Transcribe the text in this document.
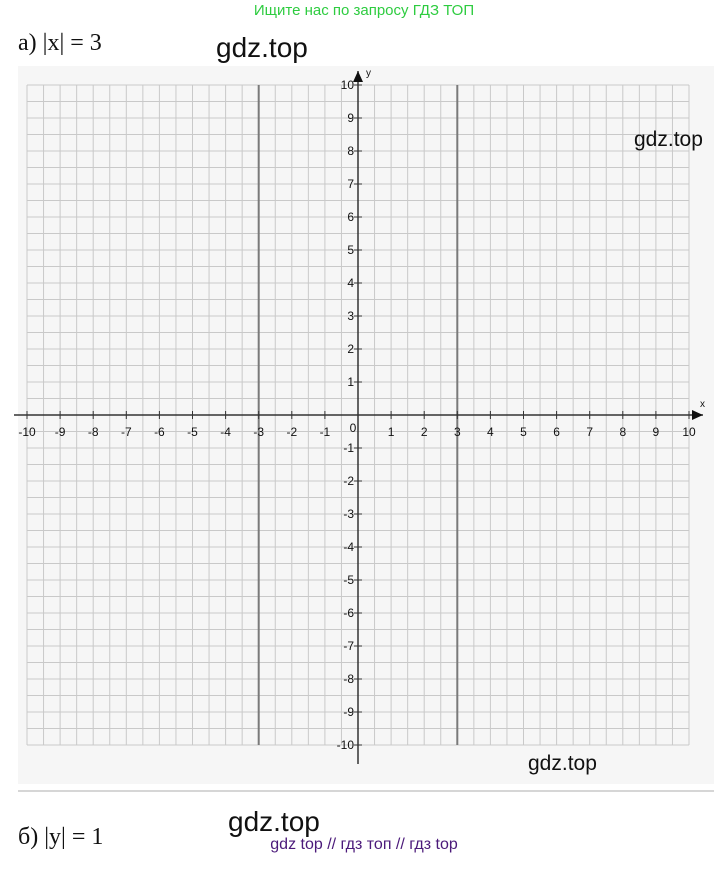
Ищите нас по запросу ГДЗ ТОП
а) |x| = 3
x
y
-10 -9 -8 -7 -6 -5 -4 -3 -2 -1	1 2 3 4 5 6 7 8 9 10
0
1
2
3
4
5
6
7
8
9
10
-1
-2
-3
-4
-5
-6
-7
-8
-9
-10
gdz.top
gdz.top
gdz.top
б) |y| = 1	gdz.top
gdz top // гдз топ // гдз top
